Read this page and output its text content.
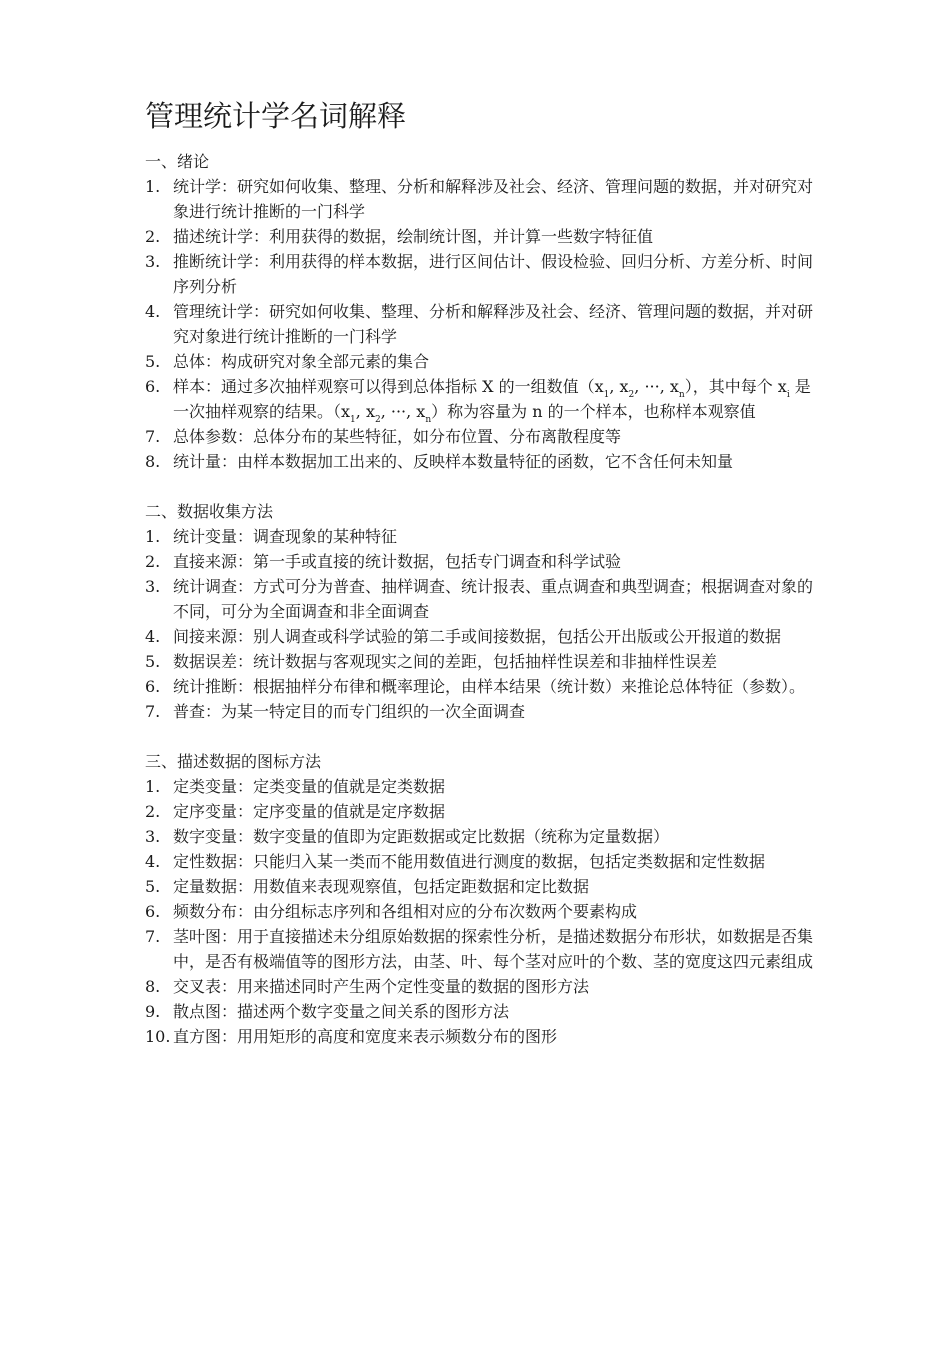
管理统计学名词解释
一、绪论
1. 统计学：研究如何收集、整理、分析和解释涉及社会、经济、管理问题的数据，并对研究对象进行统计推断的一门科学
2. 描述统计学：利用获得的数据，绘制统计图，并计算一些数字特征值
3. 推断统计学：利用获得的样本数据，进行区间估计、假设检验、回归分析、方差分析、时间序列分析
4. 管理统计学：研究如何收集、整理、分析和解释涉及社会、经济、管理问题的数据，并对研究对象进行统计推断的一门科学
5. 总体：构成研究对象全部元素的集合
6. 样本：通过多次抽样观察可以得到总体指标 X 的一组数值（$x_1$, $x_2$, ···, $x_n$），其中每个 $x_i$ 是一次抽样观察的结果。（$x_1$, $x_2$, ···, $x_n$）称为容量为 n 的一个样本，也称样本观察值
7. 总体参数：总体分布的某些特征，如分布位置、分布离散程度等
8. 统计量：由样本数据加工出来的、反映样本数量特征的函数，它不含任何未知量
二、数据收集方法
1. 统计变量：调查现象的某种特征
2. 直接来源：第一手或直接的统计数据，包括专门调查和科学试验
3. 统计调查：方式可分为普查、抽样调查、统计报表、重点调查和典型调查；根据调查对象的不同，可分为全面调查和非全面调查
4. 间接来源：别人调查或科学试验的第二手或间接数据，包括公开出版或公开报道的数据
5. 数据误差：统计数据与客观现实之间的差距，包括抽样性误差和非抽样性误差
6. 统计推断：根据抽样分布律和概率理论，由样本结果（统计数）来推论总体特征（参数）。
7. 普查：为某一特定目的而专门组织的一次全面调查
三、描述数据的图标方法
1. 定类变量：定类变量的值就是定类数据
2. 定序变量：定序变量的值就是定序数据
3. 数字变量：数字变量的值即为定距数据或定比数据（统称为定量数据）
4. 定性数据：只能归入某一类而不能用数值进行测度的数据，包括定类数据和定性数据
5. 定量数据：用数值来表现观察值，包括定距数据和定比数据
6. 频数分布：由分组标志序列和各组相对应的分布次数两个要素构成
7. 茎叶图：用于直接描述未分组原始数据的探索性分析，是描述数据分布形状，如数据是否集中，是否有极端值等的图形方法，由茎、叶、每个茎对应叶的个数、茎的宽度这四元素组成
8. 交叉表：用来描述同时产生两个定性变量的数据的图形方法
9. 散点图：描述两个数字变量之间关系的图形方法
10. 直方图：用用矩形的高度和宽度来表示频数分布的图形
